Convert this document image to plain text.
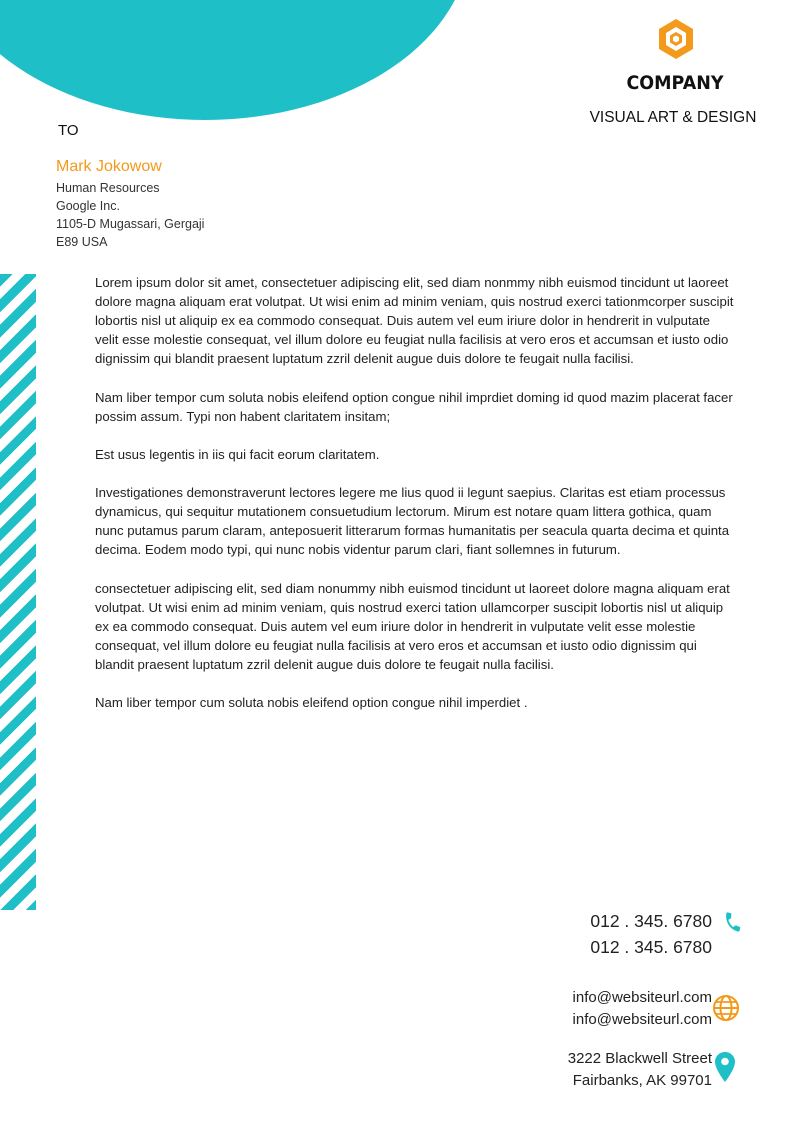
COMPANY
VISUAL ART & DESIGN
TO
Mark Jokowow
Human Resources
Google Inc.
1105-D Mugassari, Gergaji
E89 USA

Lorem ipsum dolor sit amet, consectetuer adipiscing elit, sed diam nonmmy nibh euismod tincidunt ut laoreet dolore magna aliquam erat volutpat. Ut wisi enim ad minim veniam, quis nostrud exerci tationmcorper suscipit lobortis nisl ut aliquip ex ea commodo consequat. Duis autem vel eum iriure dolor in hendrerit in vulputate velit esse molestie consequat, vel illum dolore eu feugiat nulla facilisis at vero eros et accumsan et iusto odio dignissim qui blandit praesent luptatum zzril delenit augue duis dolore te feugait nulla facilisi.

Nam liber tempor cum soluta nobis eleifend option congue nihil imprdiet doming id quod mazim placerat facer possim assum. Typi non habent claritatem insitam;

Est usus legentis in iis qui facit eorum claritatem.

Investigationes demonstraverunt lectores legere me lius quod ii legunt saepius. Claritas est etiam processus dynamicus, qui sequitur mutationem consuetudium lectorum. Mirum est notare quam littera gothica, quam nunc putamus parum claram, anteposuerit litterarum formas humanitatis per seacula quarta decima et quinta decima. Eodem modo typi, qui nunc nobis videntur parum clari, fiant sollemnes in futurum.

consectetuer adipiscing elit, sed diam nonummy nibh euismod tincidunt ut laoreet dolore magna aliquam erat volutpat. Ut wisi enim ad minim veniam, quis nostrud exerci tation ullamcorper suscipit lobortis nisl ut aliquip ex ea commodo consequat. Duis autem vel eum iriure dolor in hendrerit in vulputate velit esse molestie consequat, vel illum dolore eu feugiat nulla facilisis at vero eros et accumsan et iusto odio dignissim qui blandit praesent luptatum zzril delenit augue duis dolore te feugait nulla facilisi.

Nam liber tempor cum soluta nobis eleifend option congue nihil imperdiet .

012 . 345. 6780
012 . 345. 6780
info@websiteurl.com
info@websiteurl.com
3222 Blackwell Street
Fairbanks, AK 99701
